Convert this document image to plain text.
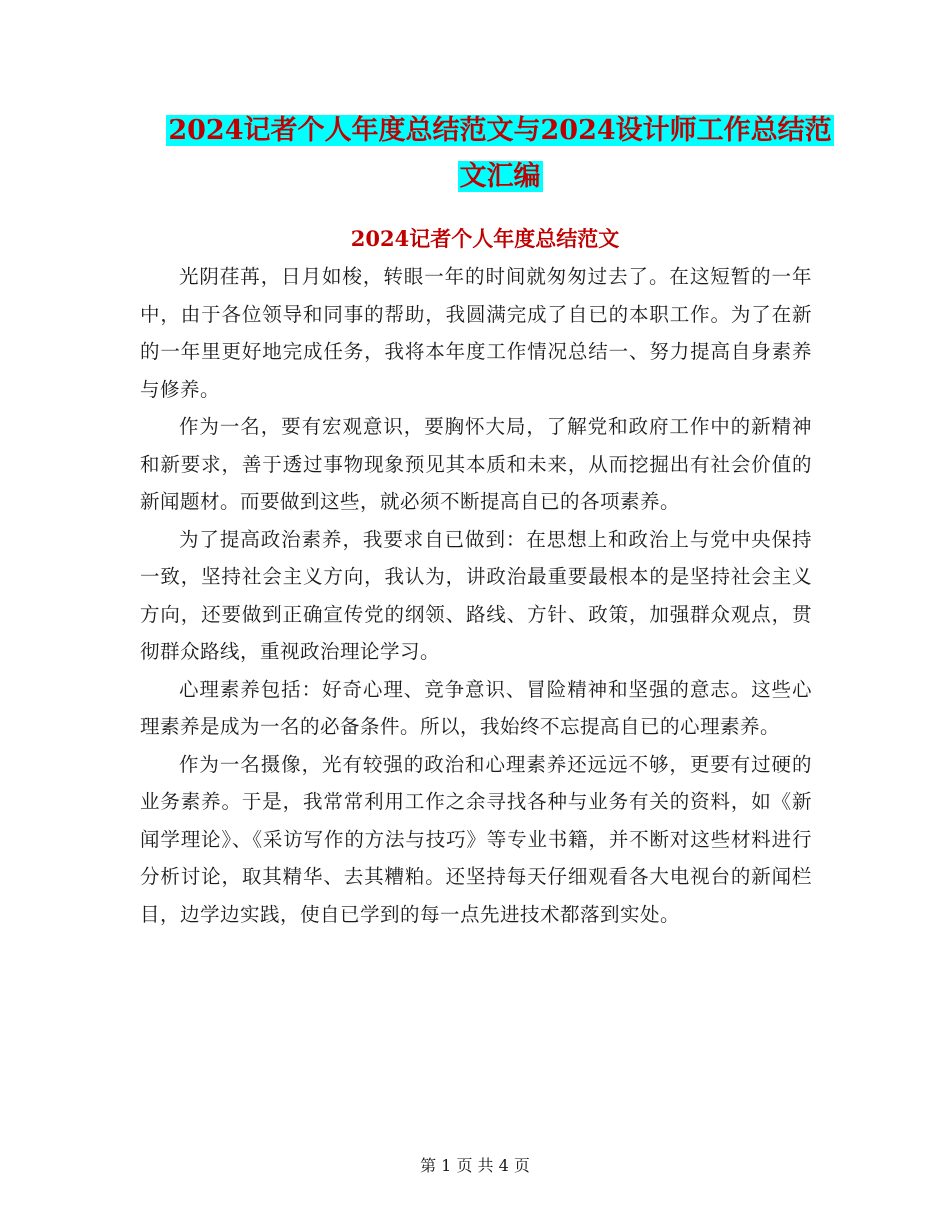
2024记者个人年度总结范文与2024设计师工作总结范
文汇编
2024记者个人年度总结范文

光阴荏苒，日月如梭，转眼一年的时间就匆匆过去了。在这短暂的一年中，由于各位领导和同事的帮助，我圆满完成了自已的本职工作。为了在新的一年里更好地完成任务，我将本年度工作情况总结一、努力提高自身素养与修养。

作为一名，要有宏观意识，要胸怀大局，了解党和政府工作中的新精神和新要求，善于透过事物现象预见其本质和未来，从而挖掘出有社会价值的新闻题材。而要做到这些，就必须不断提高自已的各项素养。

为了提高政治素养，我要求自已做到：在思想上和政治上与党中央保持一致，坚持社会主义方向，我认为，讲政治最重要最根本的是坚持社会主义方向，还要做到正确宣传党的纲领、路线、方针、政策，加强群众观点，贯彻群众路线，重视政治理论学习。

心理素养包括：好奇心理、竞争意识、冒险精神和坚强的意志。这些心理素养是成为一名的必备条件。所以，我始终不忘提高自已的心理素养。

作为一名摄像，光有较强的政治和心理素养还远远不够，更要有过硬的业务素养。于是，我常常利用工作之余寻找各种与业务有关的资料，如《新闻学理论》、《采访写作的方法与技巧》等专业书籍，并不断对这些材料进行分析讨论，取其精华、去其糟粕。还坚持每天仔细观看各大电视台的新闻栏目，边学边实践，使自已学到的每一点先进技术都落到实处。

第 1 页 共 4 页
